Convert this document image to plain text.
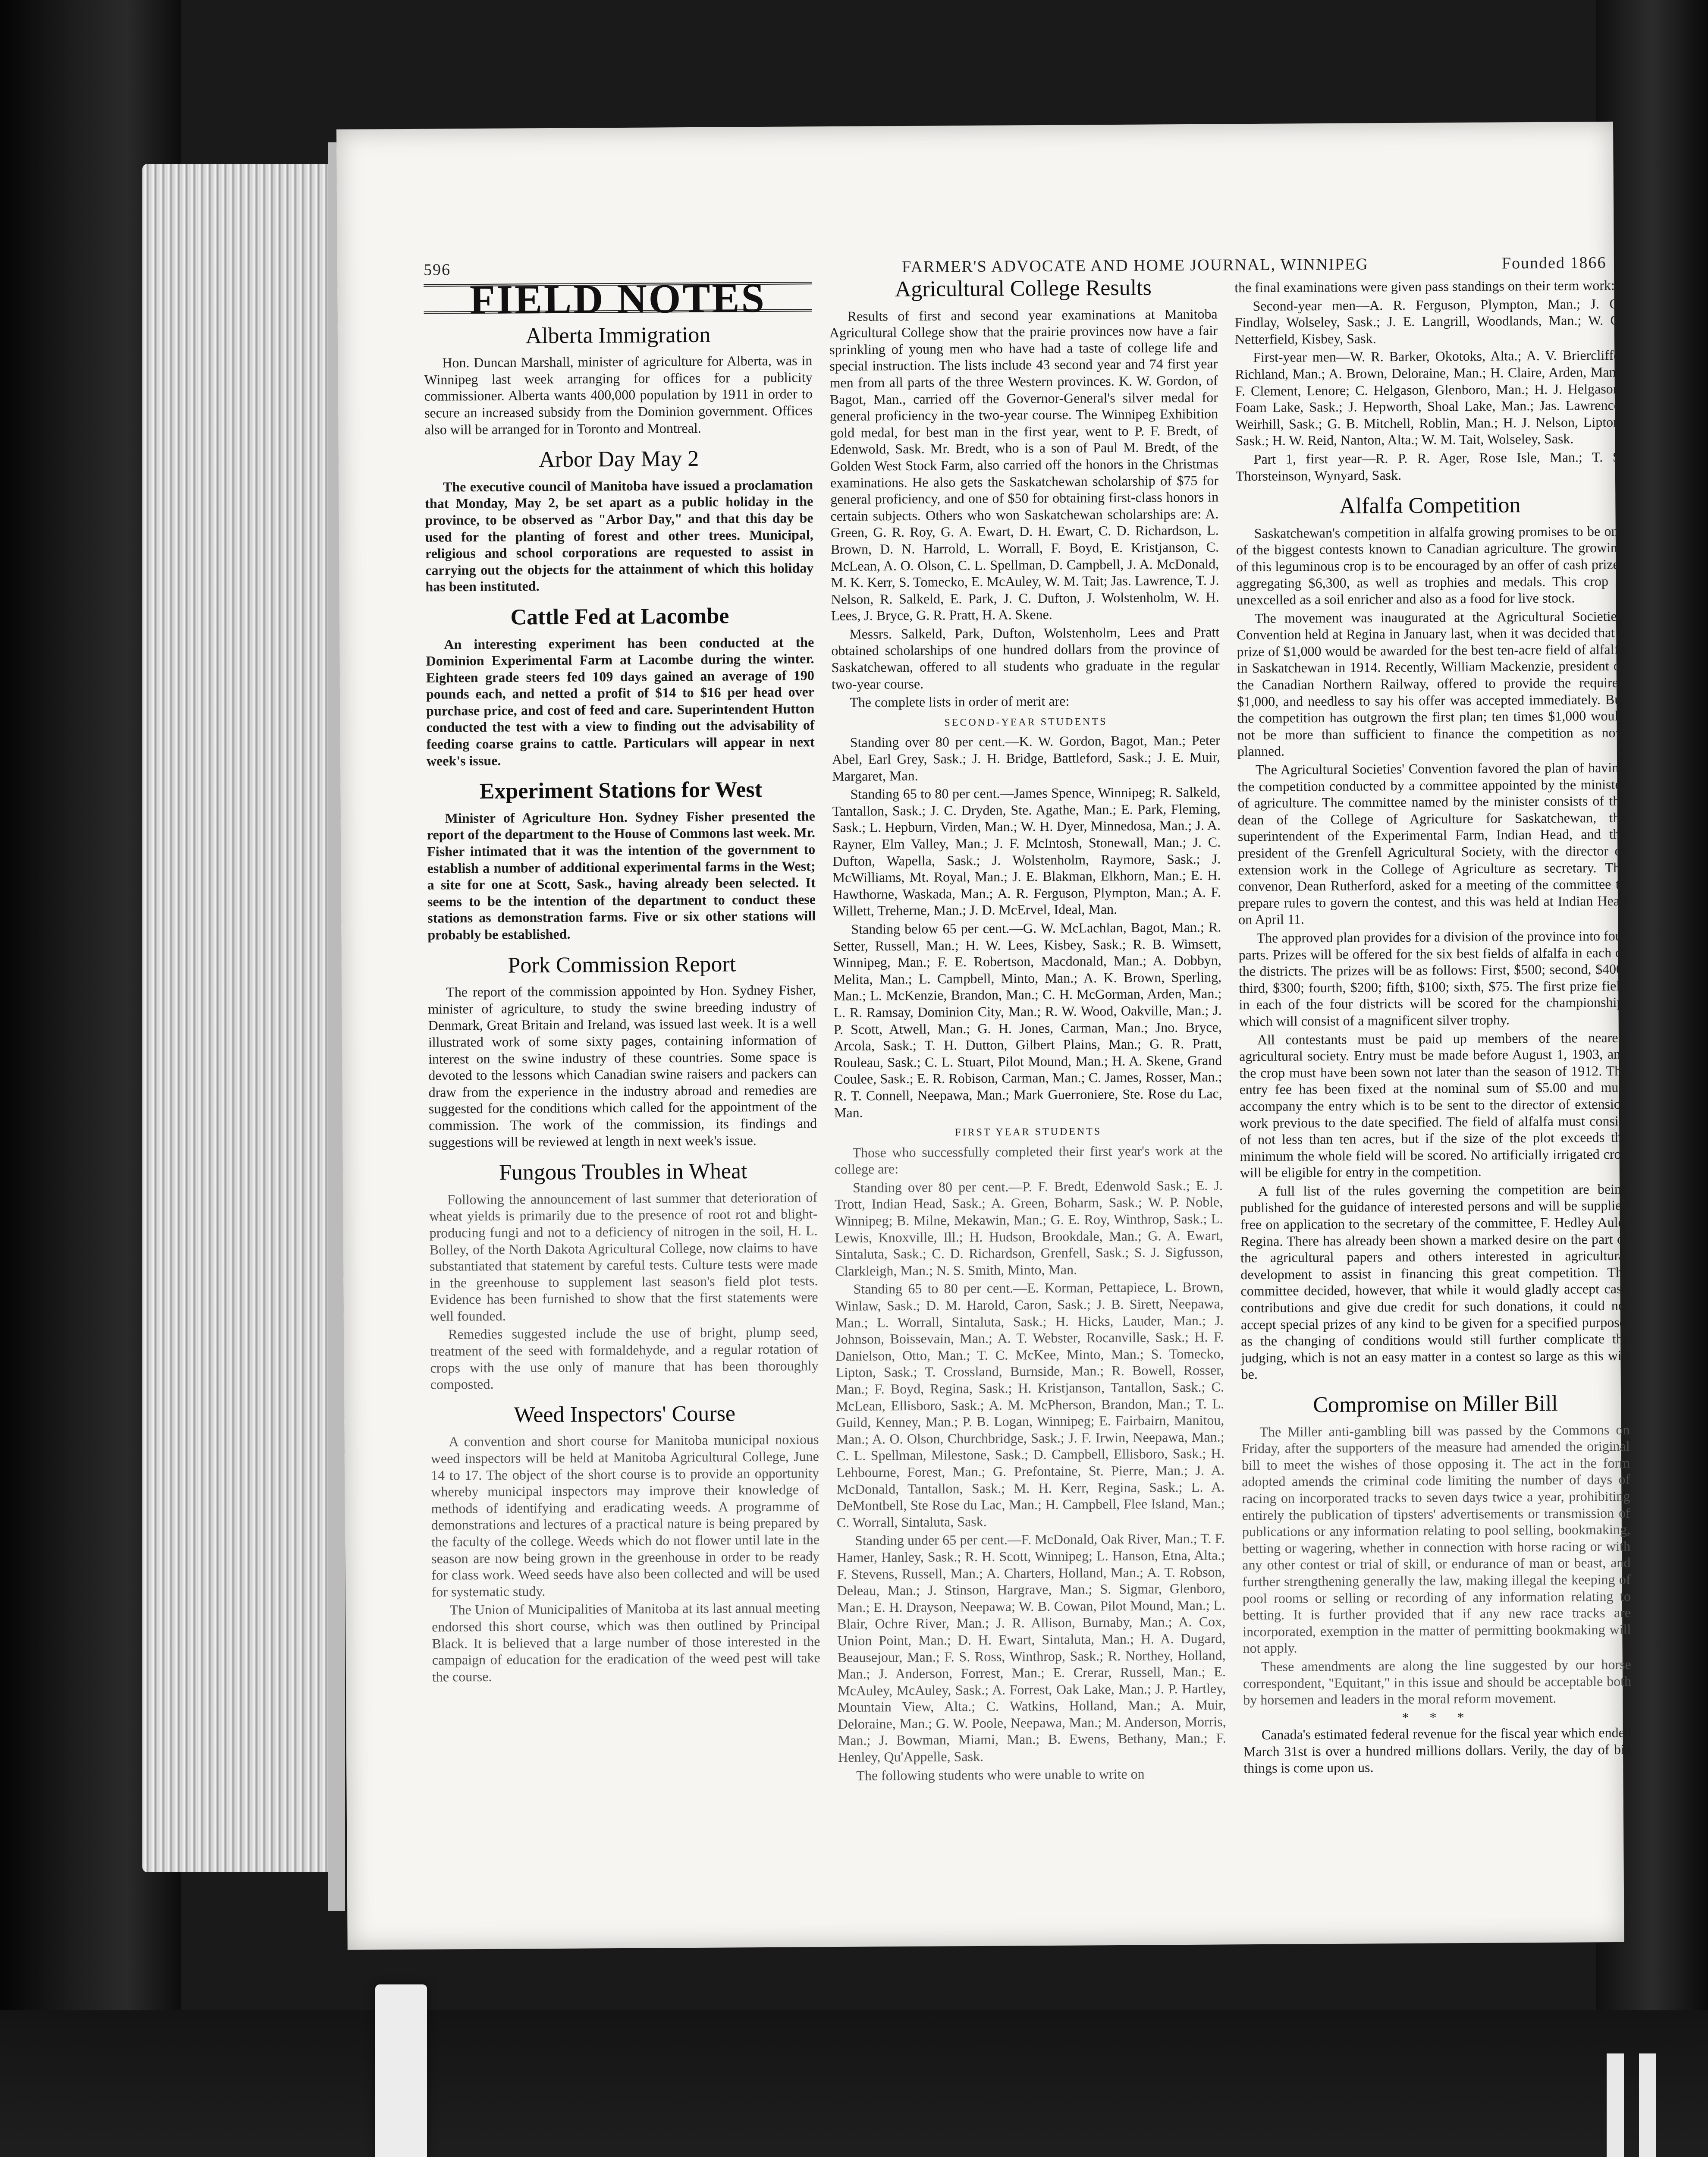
596	FARMER'S ADVOCATE AND HOME JOURNAL, WINNIPEG	Founded 1866
FIELD NOTES
Alberta Immigration

Hon. Duncan Marshall, minister of agriculture for Alberta, was in Winnipeg last week arranging for offices for a publicity commissioner. Alberta wants 400,000 population by 1911 in order to secure an increased subsidy from the Dominion government. Offices also will be arranged for in Toronto and Montreal.

Arbor Day May 2

The executive council of Manitoba have issued a proclamation that Monday, May 2, be set apart as a public holiday in the province, to be observed as "Arbor Day," and that this day be used for the planting of forest and other trees. Municipal, religious and school corporations are requested to assist in carrying out the objects for the attainment of which this holiday has been instituted.

Cattle Fed at Lacombe

An interesting experiment has been conducted at the Dominion Experimental Farm at Lacombe during the winter. Eighteen grade steers fed 109 days gained an average of 190 pounds each, and netted a profit of $14 to $16 per head over purchase price, and cost of feed and care. Superintendent Hutton conducted the test with a view to finding out the advisability of feeding coarse grains to cattle. Particulars will appear in next week's issue.

Experiment Stations for West

Minister of Agriculture Hon. Sydney Fisher presented the report of the department to the House of Commons last week. Mr. Fisher intimated that it was the intention of the government to establish a number of additional experimental farms in the West; a site for one at Scott, Sask., having already been selected. It seems to be the intention of the department to conduct these stations as demonstration farms. Five or six other stations will probably be established.

Pork Commission Report

The report of the commission appointed by Hon. Sydney Fisher, minister of agriculture, to study the swine breeding industry of Denmark, Great Britain and Ireland, was issued last week. It is a well illustrated work of some sixty pages, containing information of interest on the swine industry of these countries. Some space is devoted to the lessons which Canadian swine raisers and packers can draw from the experience in the industry abroad and remedies are suggested for the conditions which called for the appointment of the commission. The work of the commission, its findings and suggestions will be reviewed at length in next week's issue.

Fungous Troubles in Wheat

Following the announcement of last summer that deterioration of wheat yields is primarily due to the presence of root rot and blight-producing fungi and not to a deficiency of nitrogen in the soil, H. L. Bolley, of the North Dakota Agricultural College, now claims to have substantiated that statement by careful tests. Culture tests were made in the greenhouse to supplement last season's field plot tests. Evidence has been furnished to show that the first statements were well founded.

Remedies suggested include the use of bright, plump seed, treatment of the seed with formaldehyde, and a regular rotation of crops with the use only of manure that has been thoroughly composted.

Weed Inspectors' Course

A convention and short course for Manitoba municipal noxious weed inspectors will be held at Manitoba Agricultural College, June 14 to 17. The object of the short course is to provide an opportunity whereby municipal inspectors may improve their knowledge of methods of identifying and eradicating weeds. A programme of demonstrations and lectures of a practical nature is being prepared by the faculty of the college. Weeds which do not flower until late in the season are now being grown in the greenhouse in order to be ready for class work. Weed seeds have also been collected and will be used for systematic study.

The Union of Municipalities of Manitoba at its last annual meeting endorsed this short course, which was then outlined by Principal Black. It is believed that a large number of those interested in the campaign of education for the eradication of the weed pest will take the course.

Agricultural College Results

Results of first and second year examinations at Manitoba Agricultural College show that the prairie provinces now have a fair sprinkling of young men who have had a taste of college life and special instruction. The lists include 43 second year and 74 first year men from all parts of the three Western provinces. K. W. Gordon, of Bagot, Man., carried off the Governor-General's silver medal for general proficiency in the two-year course. The Winnipeg Exhibition gold medal, for best man in the first year, went to P. F. Bredt, of Edenwold, Sask. Mr. Bredt, who is a son of Paul M. Bredt, of the Golden West Stock Farm, also carried off the honors in the Christmas examinations. He also gets the Saskatchewan scholarship of $75 for general proficiency, and one of $50 for obtaining first-class honors in certain subjects. Others who won Saskatchewan scholarships are: A. Green, G. R. Roy, G. A. Ewart, D. H. Ewart, C. D. Richardson, L. Brown, D. N. Harrold, L. Worrall, F. Boyd, E. Kristjanson, C. McLean, A. O. Olson, C. L. Spellman, D. Campbell, J. A. McDonald, M. K. Kerr, S. Tomecko, E. McAuley, W. M. Tait; Jas. Lawrence, T. J. Nelson, R. Salkeld, E. Park, J. C. Dufton, J. Wolstenholm, W. H. Lees, J. Bryce, G. R. Pratt, H. A. Skene.

Messrs. Salkeld, Park, Dufton, Wolstenholm, Lees and Pratt obtained scholarships of one hundred dollars from the province of Saskatchewan, offered to all students who graduate in the regular two-year course.

The complete lists in order of merit are:

SECOND-YEAR STUDENTS

Standing over 80 per cent.—K. W. Gordon, Bagot, Man.; Peter Abel, Earl Grey, Sask.; J. H. Bridge, Battleford, Sask.; J. E. Muir, Margaret, Man.

Standing 65 to 80 per cent.—James Spence, Winnipeg; R. Salkeld, Tantallon, Sask.; J. C. Dryden, Ste. Agathe, Man.; E. Park, Fleming, Sask.; L. Hepburn, Virden, Man.; W. H. Dyer, Minnedosa, Man.; J. A. Rayner, Elm Valley, Man.; J. F. McIntosh, Stonewall, Man.; J. C. Dufton, Wapella, Sask.; J. Wolstenholm, Raymore, Sask.; J. McWilliams, Mt. Royal, Man.; J. E. Blakman, Elkhorn, Man.; E. H. Hawthorne, Waskada, Man.; A. R. Ferguson, Plympton, Man.; A. F. Willett, Treherne, Man.; J. D. McErvel, Ideal, Man.

Standing below 65 per cent.—G. W. McLachlan, Bagot, Man.; R. Setter, Russell, Man.; H. W. Lees, Kisbey, Sask.; R. B. Wimsett, Winnipeg, Man.; F. E. Robertson, Macdonald, Man.; A. Dobbyn, Melita, Man.; L. Campbell, Minto, Man.; A. K. Brown, Sperling, Man.; L. McKenzie, Brandon, Man.; C. H. McGorman, Arden, Man.; L. R. Ramsay, Dominion City, Man.; R. W. Wood, Oakville, Man.; J. P. Scott, Atwell, Man.; G. H. Jones, Carman, Man.; Jno. Bryce, Arcola, Sask.; T. H. Dutton, Gilbert Plains, Man.; G. R. Pratt, Rouleau, Sask.; C. L. Stuart, Pilot Mound, Man.; H. A. Skene, Grand Coulee, Sask.; E. R. Robison, Carman, Man.; C. James, Rosser, Man.; R. T. Connell, Neepawa, Man.; Mark Guerroniere, Ste. Rose du Lac, Man.

FIRST YEAR STUDENTS

Those who successfully completed their first year's work at the college are:

Standing over 80 per cent.—P. F. Bredt, Edenwold Sask.; E. J. Trott, Indian Head, Sask.; A. Green, Boharm, Sask.; W. P. Noble, Winnipeg; B. Milne, Mekawin, Man.; G. E. Roy, Winthrop, Sask.; L. Lewis, Knoxville, Ill.; H. Hudson, Brookdale, Man.; G. A. Ewart, Sintaluta, Sask.; C. D. Richardson, Grenfell, Sask.; S. J. Sigfusson, Clarkleigh, Man.; N. S. Smith, Minto, Man.

Standing 65 to 80 per cent.—E. Korman, Pettapiece, L. Brown, Winlaw, Sask.; D. M. Harold, Caron, Sask.; J. B. Sirett, Neepawa, Man.; L. Worrall, Sintaluta, Sask.; H. Hicks, Lauder, Man.; J. Johnson, Boissevain, Man.; A. T. Webster, Rocanville, Sask.; H. F. Danielson, Otto, Man.; T. C. McKee, Minto, Man.; S. Tomecko, Lipton, Sask.; T. Crossland, Burnside, Man.; R. Bowell, Rosser, Man.; F. Boyd, Regina, Sask.; H. Kristjanson, Tantallon, Sask.; C. McLean, Ellisboro, Sask.; A. M. McPherson, Brandon, Man.; T. L. Guild, Kenney, Man.; P. B. Logan, Winnipeg; E. Fairbairn, Manitou, Man.; A. O. Olson, Churchbridge, Sask.; J. F. Irwin, Neepawa, Man.; C. L. Spellman, Milestone, Sask.; D. Campbell, Ellisboro, Sask.; H. Lehbourne, Forest, Man.; G. Prefontaine, St. Pierre, Man.; J. A. McDonald, Tantallon, Sask.; M. H. Kerr, Regina, Sask.; L. A. DeMontbell, Ste Rose du Lac, Man.; H. Campbell, Flee Island, Man.; C. Worrall, Sintaluta, Sask.

Standing under 65 per cent.—F. McDonald, Oak River, Man.; T. F. Hamer, Hanley, Sask.; R. H. Scott, Winnipeg; L. Hanson, Etna, Alta.; F. Stevens, Russell, Man.; A. Charters, Holland, Man.; A. T. Robson, Deleau, Man.; J. Stinson, Hargrave, Man.; S. Sigmar, Glenboro, Man.; E. H. Drayson, Neepawa; W. B. Cowan, Pilot Mound, Man.; L. Blair, Ochre River, Man.; J. R. Allison, Burnaby, Man.; A. Cox, Union Point, Man.; D. H. Ewart, Sintaluta, Man.; H. A. Dugard, Beausejour, Man.; F. S. Ross, Winthrop, Sask.; R. Northey, Holland, Man.; J. Anderson, Forrest, Man.; E. Crerar, Russell, Man.; E. McAuley, McAuley, Sask.; A. Forrest, Oak Lake, Man.; J. P. Hartley, Mountain View, Alta.; C. Watkins, Holland, Man.; A. Muir, Deloraine, Man.; G. W. Poole, Neepawa, Man.; M. Anderson, Morris, Man.; J. Bowman, Miami, Man.; B. Ewens, Bethany, Man.; F. Henley, Qu'Appelle, Sask.

The following students who were unable to write on

the final examinations were given pass standings on their term work:

Second-year men—A. R. Ferguson, Plympton, Man.; J. G. Findlay, Wolseley, Sask.; J. E. Langrill, Woodlands, Man.; W. C. Netterfield, Kisbey, Sask.

First-year men—W. R. Barker, Okotoks, Alta.; A. V. Briercliffe, Richland, Man.; A. Brown, Deloraine, Man.; H. Claire, Arden, Man.; F. Clement, Lenore; C. Helgason, Glenboro, Man.; H. J. Helgason, Foam Lake, Sask.; J. Hepworth, Shoal Lake, Man.; Jas. Lawrence, Weirhill, Sask.; G. B. Mitchell, Roblin, Man.; H. J. Nelson, Lipton, Sask.; H. W. Reid, Nanton, Alta.; W. M. Tait, Wolseley, Sask.

Part 1, first year—R. P. R. Ager, Rose Isle, Man.; T. S. Thorsteinson, Wynyard, Sask.

Alfalfa Competition

Saskatchewan's competition in alfalfa growing promises to be one of the biggest contests known to Canadian agriculture. The growing of this leguminous crop is to be encouraged by an offer of cash prizes aggregating $6,300, as well as trophies and medals. This crop is unexcelled as a soil enricher and also as a food for live stock.

The movement was inaugurated at the Agricultural Societies' Convention held at Regina in January last, when it was decided that a prize of $1,000 would be awarded for the best ten-acre field of alfalfa in Saskatchewan in 1914. Recently, William Mackenzie, president of the Canadian Northern Railway, offered to provide the required $1,000, and needless to say his offer was accepted immediately. But the competition has outgrown the first plan; ten times $1,000 would not be more than sufficient to finance the competition as now planned.

The Agricultural Societies' Convention favored the plan of having the competition conducted by a committee appointed by the minister of agriculture. The committee named by the minister consists of the dean of the College of Agriculture for Saskatchewan, the superintendent of the Experimental Farm, Indian Head, and the president of the Grenfell Agricultural Society, with the director of extension work in the College of Agriculture as secretary. The convenor, Dean Rutherford, asked for a meeting of the committee to prepare rules to govern the contest, and this was held at Indian Head on April 11.

The approved plan provides for a division of the province into four parts. Prizes will be offered for the six best fields of alfalfa in each of the districts. The prizes will be as follows: First, $500; second, $400; third, $300; fourth, $200; fifth, $100; sixth, $75. The first prize field in each of the four districts will be scored for the championship, which will consist of a magnificent silver trophy.

All contestants must be paid up members of the nearest agricultural society. Entry must be made before August 1, 1903, and the crop must have been sown not later than the season of 1912. The entry fee has been fixed at the nominal sum of $5.00 and must accompany the entry which is to be sent to the director of extension work previous to the date specified. The field of alfalfa must consist of not less than ten acres, but if the size of the plot exceeds the minimum the whole field will be scored. No artificially irrigated crop will be eligible for entry in the competition.

A full list of the rules governing the competition are being published for the guidance of interested persons and will be supplied free on application to the secretary of the committee, F. Hedley Auld, Regina. There has already been shown a marked desire on the part of the agricultural papers and others interested in agricultural development to assist in financing this great competition. The committee decided, however, that while it would gladly accept cash contributions and give due credit for such donations, it could not accept special prizes of any kind to be given for a specified purpose, as the changing of conditions would still further complicate the judging, which is not an easy matter in a contest so large as this will be.

Compromise on Miller Bill

The Miller anti-gambling bill was passed by the Commons on Friday, after the supporters of the measure had amended the original bill to meet the wishes of those opposing it. The act in the form adopted amends the criminal code limiting the number of days of racing on incorporated tracks to seven days twice a year, prohibiting entirely the publication of tipsters' advertisements or transmission of publications or any information relating to pool selling, bookmaking, betting or wagering, whether in connection with horse racing or with any other contest or trial of skill, or endurance of man or beast, and further strengthening generally the law, making illegal the keeping of pool rooms or selling or recording of any information relating to betting. It is further provided that if any new race tracks are incorporated, exemption in the matter of permitting bookmaking will not apply.

These amendments are along the line suggested by our horse correspondent, "Equitant," in this issue and should be acceptable both by horsemen and leaders in the moral reform movement.

* * *

Canada's estimated federal revenue for the fiscal year which ended March 31st is over a hundred millions dollars. Verily, the day of big things is come upon us.
